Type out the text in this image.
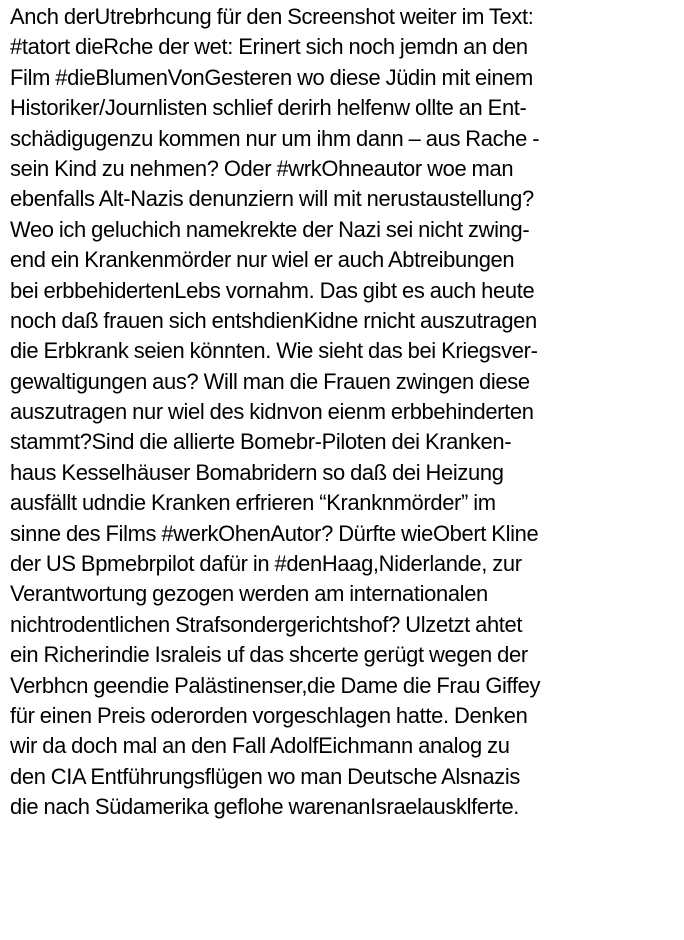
Anch derUtrebrhcung für den Screenshot weiter im Text:
#tatort dieRche der wet: Erinert sich noch jemdn an den
Film #dieBlumenVonGesteren wo diese Jüdin mit einem
Historiker/Journlisten schlief derirh helfenw ollte an Ent-
schädigugenzu kommen nur um ihm dann – aus Rache -
sein Kind zu nehmen? Oder #wrkOhneautor woe man
ebenfalls Alt-Nazis denunziern will mit nerustaustellung?
Weo ich geluchich namekrekte der Nazi sei nicht zwing-
end ein Krankenmörder nur wiel er auch Abtreibungen
bei erbbehidertenLebs vornahm. Das gibt es auch heute
noch daß frauen sich entshdienKidne rnicht auszutragen
die Erbkrank seien könnten. Wie sieht das bei Kriegsver-
gewaltigungen aus? Will man die Frauen zwingen diese
auszutragen nur wiel des kidnvon eienm erbbehinderten
stammt?Sind die allierte Bomebr-Piloten dei Kranken-
haus Kesselhäuser Bomabridern so daß dei Heizung
ausfällt udndie Kranken erfrieren “Kranknmörder” im
sinne des Films #werkOhenAutor? Dürfte wieObert Kline
der US Bpmebrpilot dafür in #denHaag,Niderlande, zur
Verantwortung gezogen werden am internationalen
nichtrodentlichen Strafsondergerichtshof? Ulzetzt ahtet
ein Richerindie Israleis uf das shcerte gerügt wegen der
Verbhcn geendie Palästinenser,die Dame die Frau Giffey
für einen Preis oderorden vorgeschlagen hatte. Denken
wir da doch mal an den Fall AdolfEichmann analog zu
den CIA Entführungsflügen wo man Deutsche Alsnazis
die nach Südamerika geflohe warenanIsraelausklferte.
